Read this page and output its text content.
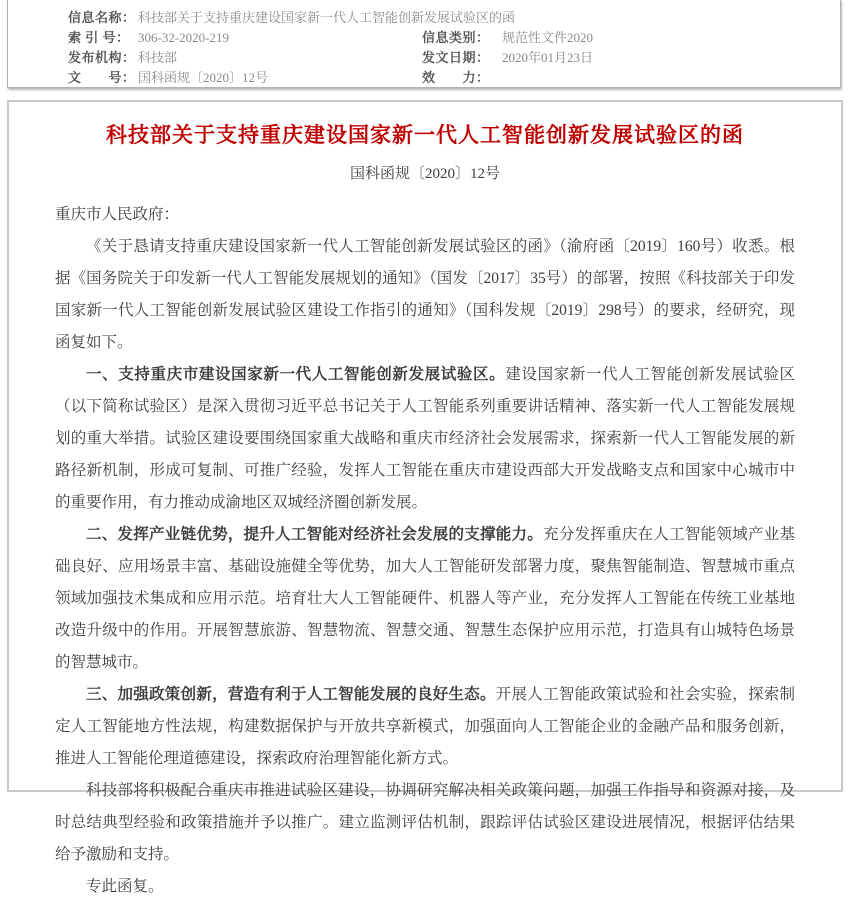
信息名称： 科技部关于支持重庆建设国家新一代人工智能创新发展试验区的函
索 引 号： 306-32-2020-219	信息类别： 规范性文件2020
发布机构： 科技部	发文日期： 2020年01月23日
文　　号： 国科函规〔2020〕12号	效　　力：
科技部关于支持重庆建设国家新一代人工智能创新发展试验区的函
国科函规〔2020〕12号

重庆市人民政府：

《关于恳请支持重庆建设国家新一代人工智能创新发展试验区的函》（渝府函〔2019〕160号）收悉。根据《国务院关于印发新一代人工智能发展规划的通知》（国发〔2017〕35号）的部署，按照《科技部关于印发国家新一代人工智能创新发展试验区建设工作指引的通知》（国科发规〔2019〕298号）的要求，经研究，现函复如下。

一、支持重庆市建设国家新一代人工智能创新发展试验区。建设国家新一代人工智能创新发展试验区（以下简称试验区）是深入贯彻习近平总书记关于人工智能系列重要讲话精神、落实新一代人工智能发展规划的重大举措。试验区建设要围绕国家重大战略和重庆市经济社会发展需求，探索新一代人工智能发展的新路径新机制，形成可复制、可推广经验，发挥人工智能在重庆市建设西部大开发战略支点和国家中心城市中的重要作用，有力推动成渝地区双城经济圈创新发展。

二、发挥产业链优势，提升人工智能对经济社会发展的支撑能力。充分发挥重庆在人工智能领域产业基础良好、应用场景丰富、基础设施健全等优势，加大人工智能研发部署力度，聚焦智能制造、智慧城市重点领域加强技术集成和应用示范。培育壮大人工智能硬件、机器人等产业，充分发挥人工智能在传统工业基地改造升级中的作用。开展智慧旅游、智慧物流、智慧交通、智慧生态保护应用示范，打造具有山城特色场景的智慧城市。

三、加强政策创新，营造有利于人工智能发展的良好生态。开展人工智能政策试验和社会实验，探索制定人工智能地方性法规，构建数据保护与开放共享新模式，加强面向人工智能企业的金融产品和服务创新，推进人工智能伦理道德建设，探索政府治理智能化新方式。

科技部将积极配合重庆市推进试验区建设，协调研究解决相关政策问题，加强工作指导和资源对接，及时总结典型经验和政策措施并予以推广。建立监测评估机制，跟踪评估试验区建设进展情况，根据评估结果给予激励和支持。

专此函复。
